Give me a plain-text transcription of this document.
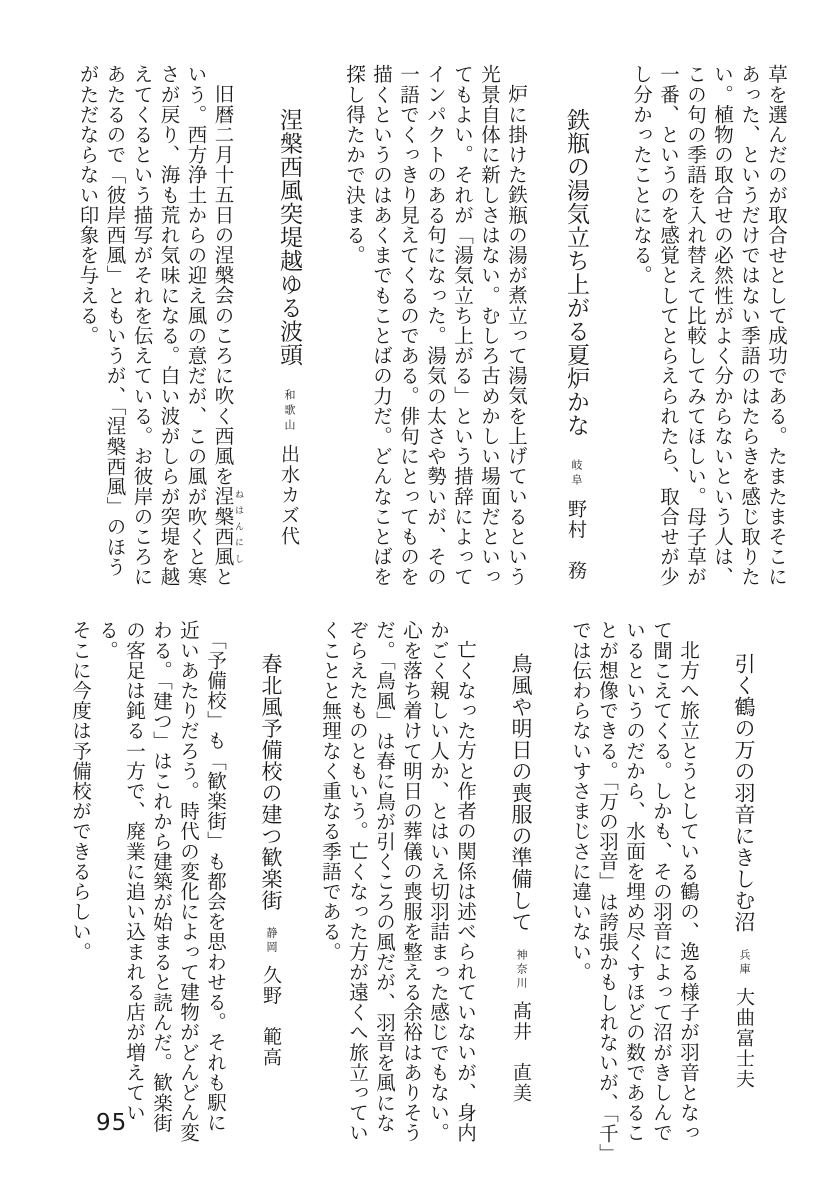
草を選んだのが取合せとして成功である。たまたまそこに
あった、というだけではない季語のはたらきを感じ取りた
い。植物の取合せの必然性がよく分からないという人は、
この句の季語を入れ替えて比較してみてほしい。母子草が
一番、というのを感覚としてとらえられたら、取合せが少
し分かったことになる。
鉄瓶の湯気立ち上がる夏炉かな岐阜野村　務
炉に掛けた鉄瓶の湯が煮立って湯気を上げているという
光景自体に新しさはない。むしろ古めかしい場面だといっ
てもよい。それが「湯気立ち上がる」という措辞によって
インパクトのある句になった。湯気の太さや勢いが、その
一語でくっきり見えてくるのである。俳句にとってものを
描くというのはあくまでもことばの力だ。どんなことばを
探し得たかで決まる。
涅槃西風突堤越ゆる波頭和歌山出水カズ代
旧暦二月十五日の涅槃会のころに吹く西風を涅槃西風ねはんにしと
いう。西方浄土からの迎え風の意だが、この風が吹くと寒
さが戻り、海も荒れ気味になる。白い波がしらが突堤を越
えてくるという描写がそれを伝えている。お彼岸のころに
あたるので「彼岸西風」ともいうが、「涅槃西風」のほう
がただならない印象を与える。
引く鶴の万の羽音にきしむ沼兵庫大曲富士夫
北方へ旅立とうとしている鶴の、逸る様子が羽音となっ
て聞こえてくる。しかも、その羽音によって沼がきしんで
いるというのだから、水面を埋め尽くすほどの数であるこ
とが想像できる。「万の羽音」は誇張かもしれないが、「千」
では伝わらないすさまじさに違いない。
鳥風や明日の喪服の準備して神奈川髙井　直美
亡くなった方と作者の関係は述べられていないが、身内
かごく親しい人か、とはいえ切羽詰まった感じでもない。
心を落ち着けて明日の葬儀の喪服を整える余裕はありそう
だ。「鳥風」は春に鳥が引くころの風だが、羽音を風にな
ぞらえたものともいう。亡くなった方が遠くへ旅立ってい
くことと無理なく重なる季語である。
春北風予備校の建つ歓楽街静岡久野　範高
「予備校」も「歓楽街」も都会を思わせる。それも駅に
近いあたりだろう。時代の変化によって建物がどんどん変
わる。「建つ」はこれから建築が始まると読んだ。歓楽街
の客足は鈍る一方で、廃業に追い込まれる店が増えている。
そこに今度は予備校ができるらしい。
95
